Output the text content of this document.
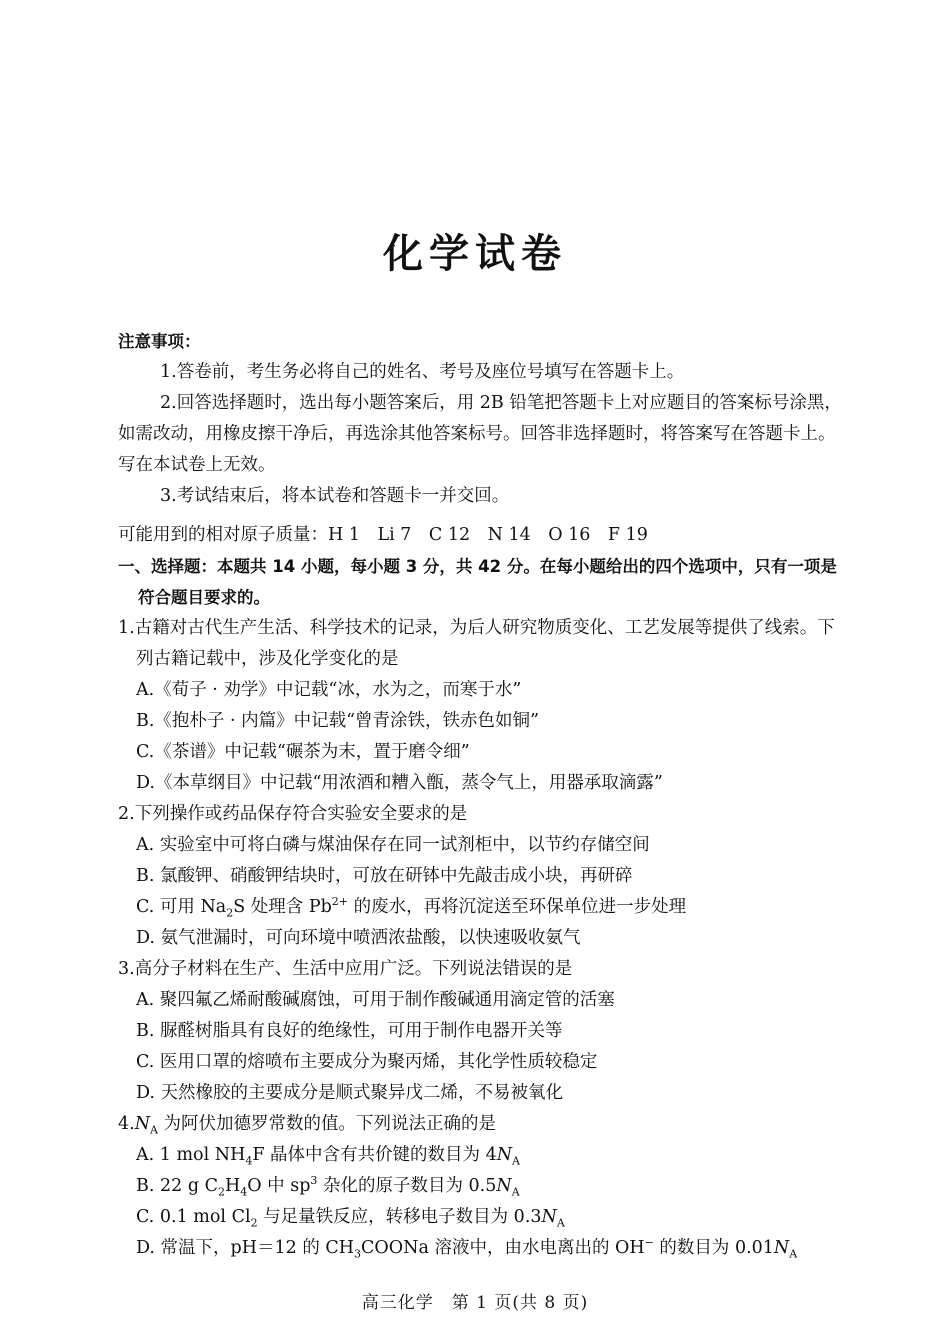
化学试卷
注意事项：
1.答卷前，考生务必将自己的姓名、考号及座位号填写在答题卡上。
2.回答选择题时，选出每小题答案后，用 2B 铅笔把答题卡上对应题目的答案标号涂黑，
如需改动，用橡皮擦干净后，再选涂其他答案标号。回答非选择题时，将答案写在答题卡上。
写在本试卷上无效。
3.考试结束后，将本试卷和答题卡一并交回。
可能用到的相对原子质量：H 1　Li 7　C 12　N 14　O 16　F 19
一、选择题：本题共 14 小题，每小题 3 分，共 42 分。在每小题给出的四个选项中，只有一项是
符合题目要求的。
1.古籍对古代生产生活、科学技术的记录，为后人研究物质变化、工艺发展等提供了线索。下
列古籍记载中，涉及化学变化的是
A.《荀子 · 劝学》中记载“冰，水为之，而寒于水”
B.《抱朴子 · 内篇》中记载“曾青涂铁，铁赤色如铜”
C.《茶谱》中记载“碾茶为末，置于磨令细”
D.《本草纲目》中记载“用浓酒和糟入甑，蒸令气上，用器承取滴露”
2.下列操作或药品保存符合实验安全要求的是
A. 实验室中可将白磷与煤油保存在同一试剂柜中，以节约存储空间
B. 氯酸钾、硝酸钾结块时，可放在研钵中先敲击成小块，再研碎
C. 可用 $Na_2S$ 处理含 $Pb^{2+}$ 的废水，再将沉淀送至环保单位进一步处理
D. 氨气泄漏时，可向环境中喷洒浓盐酸，以快速吸收氨气
3.高分子材料在生产、生活中应用广泛。下列说法错误的是
A. 聚四氟乙烯耐酸碱腐蚀，可用于制作酸碱通用滴定管的活塞
B. 脲醛树脂具有良好的绝缘性，可用于制作电器开关等
C. 医用口罩的熔喷布主要成分为聚丙烯，其化学性质较稳定
D. 天然橡胶的主要成分是顺式聚异戊二烯，不易被氧化
$4.N_A$ 为阿伏加德罗常数的值。下列说法正确的是
A. 1 mol $NH_4F$ 晶体中含有共价键的数目为 $4N_A$
B. 22 g $C_2H_4O$ 中 $sp^3$ 杂化的原子数目为 $0.5N_A$
C. 0.1 mol $Cl_2$ 与足量铁反应，转移电子数目为 $0.3N_A$
D. 常温下，pH＝12 的 $CH_3COONa$ 溶液中，由水电离出的 OH− 的数目为 $0.01N_A$
高三化学　第 1 页(共 8 页)
